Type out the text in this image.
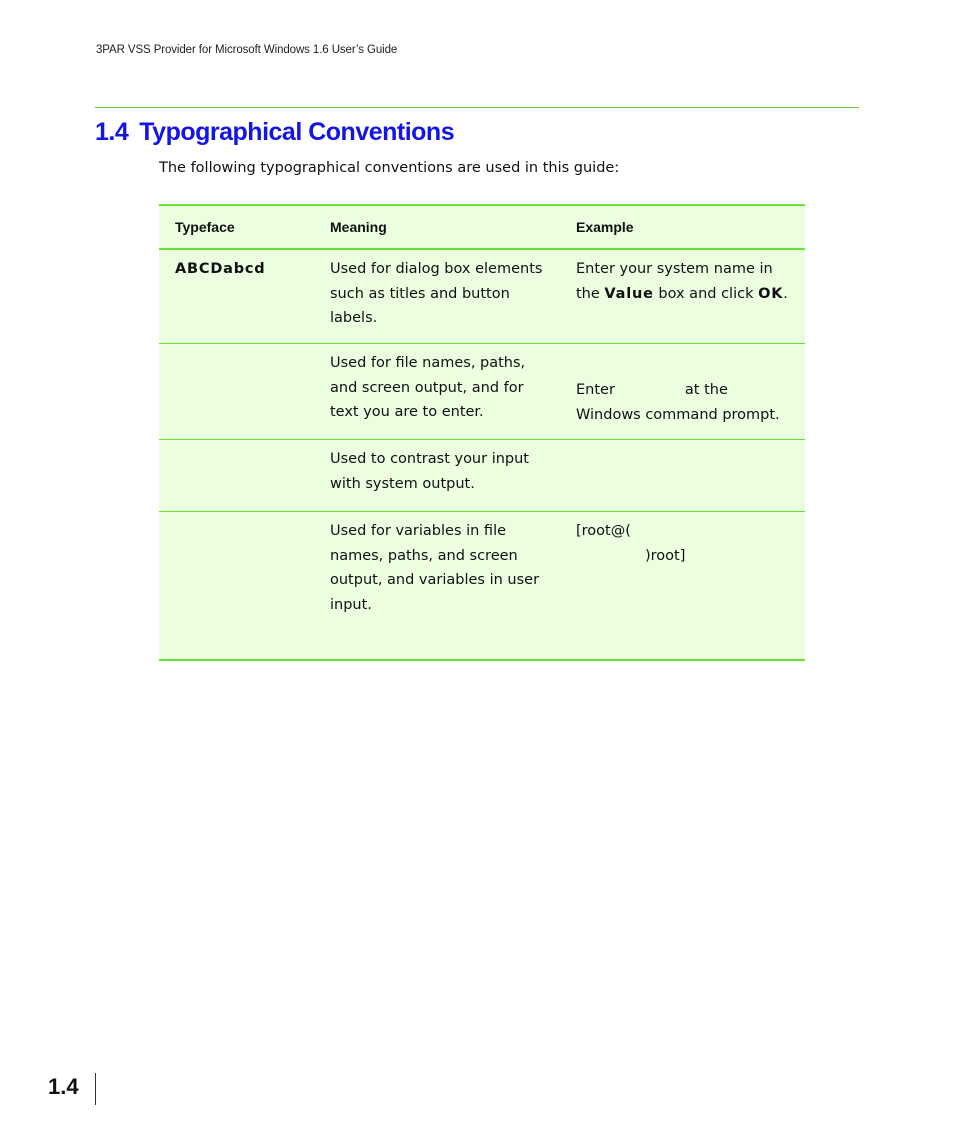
3PAR VSS Provider for Microsoft Windows 1.6 User’s Guide
1.4 Typographical Conventions

The following typographical conventions are used in this guide:

Typeface	Meaning	Example
ABCDabcd	Used for dialog box elements such as titles and button labels.	Enter your system name in the Value box and click OK.
	Used for file names, paths, and screen output, and for text you are to enter.	Enter at the Windows command prompt.

	Used to contrast your input with system output.	
	Used for variables in file names, paths, and screen output, and variables in user input.	[root@(
)root]
1.4
